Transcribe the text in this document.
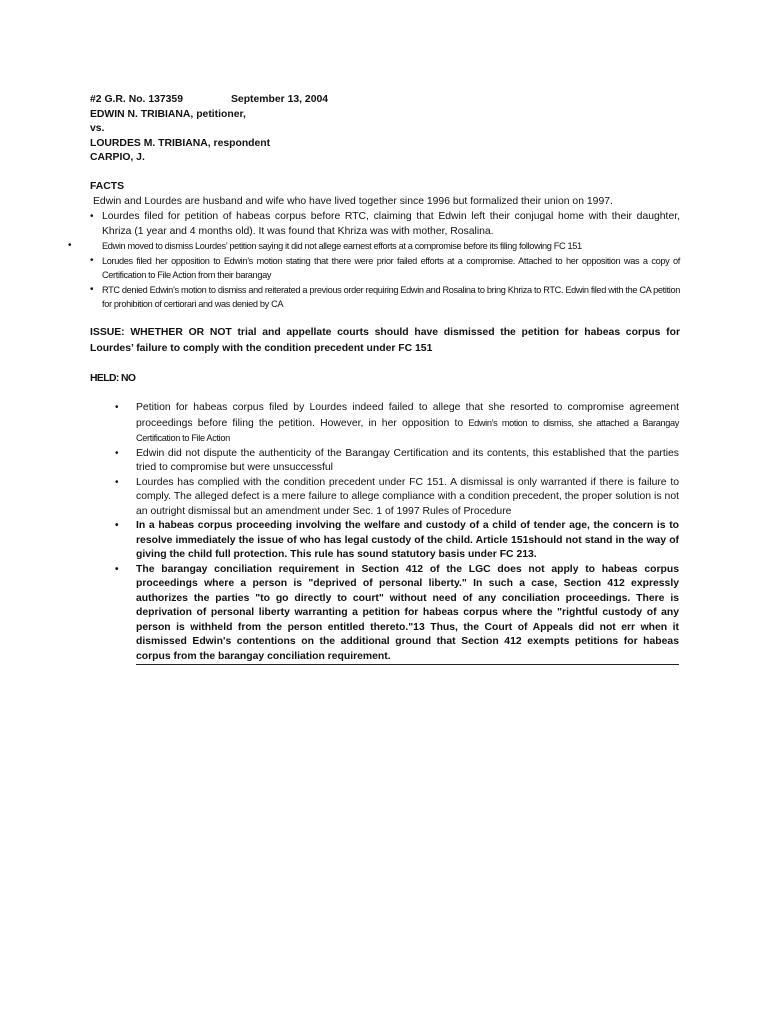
#2 G.R. No. 137359	September 13, 2004
EDWIN N. TRIBIANA, petitioner,
vs.
LOURDES M. TRIBIANA, respondent
CARPIO, J.
FACTS
Edwin and Lourdes are husband and wife who have lived together since 1996 but formalized their union on 1997.
• Lourdes filed for petition of habeas corpus before RTC, claiming that Edwin left their conjugal home with their daughter, Khriza (1 year and 4 months old). It was found that Khriza was with mother, Rosalina.
•	Edwin moved to dismiss Lourdes’ petition saying it did not allege earnest efforts at a compromise before its filing following FC 151
• Lorudes filed her opposition to Edwin’s motion stating that there were prior failed efforts at a compromise. Attached to her opposition was a copy of Certification to File Action from their barangay
• RTC denied Edwin’s motion to dismiss and reiterated a previous order requiring Edwin and Rosalina to bring Khriza to RTC. Edwin filed with the CA petition for prohibition of certiorari and was denied by CA
ISSUE: WHETHER OR NOT trial and appellate courts should have dismissed the petition for habeas corpus for Lourdes’ failure to comply with the condition precedent under FC 151
HELD: NO
• Petition for habeas corpus filed by Lourdes indeed failed to allege that she resorted to compromise agreement proceedings before filing the petition. However, in her opposition to Edwin’s motion to dismiss, she attached a Barangay Certification to File Action
• Edwin did not dispute the authenticity of the Barangay Certification and its contents, this established that the parties tried to compromise but were unsuccessful
• Lourdes has complied with the condition precedent under FC 151. A dismissal is only warranted if there is failure to comply. The alleged defect is a mere failure to allege compliance with a condition precedent, the proper solution is not an outright dismissal but an amendment under Sec. 1 of 1997 Rules of Procedure
• In a habeas corpus proceeding involving the welfare and custody of a child of tender age, the concern is to resolve immediately the issue of who has legal custody of the child. Article 151should not stand in the way of giving the child full protection. This rule has sound statutory basis under FC 213.
• The barangay conciliation requirement in Section 412 of the LGC does not apply to habeas corpus proceedings where a person is "deprived of personal liberty." In such a case, Section 412 expressly authorizes the parties "to go directly to court" without need of any conciliation proceedings. There is deprivation of personal liberty warranting a petition for habeas corpus where the "rightful custody of any person is withheld from the person entitled thereto."13 Thus, the Court of Appeals did not err when it dismissed Edwin's contentions on the additional ground that Section 412 exempts petitions for habeas corpus from the barangay conciliation requirement.
